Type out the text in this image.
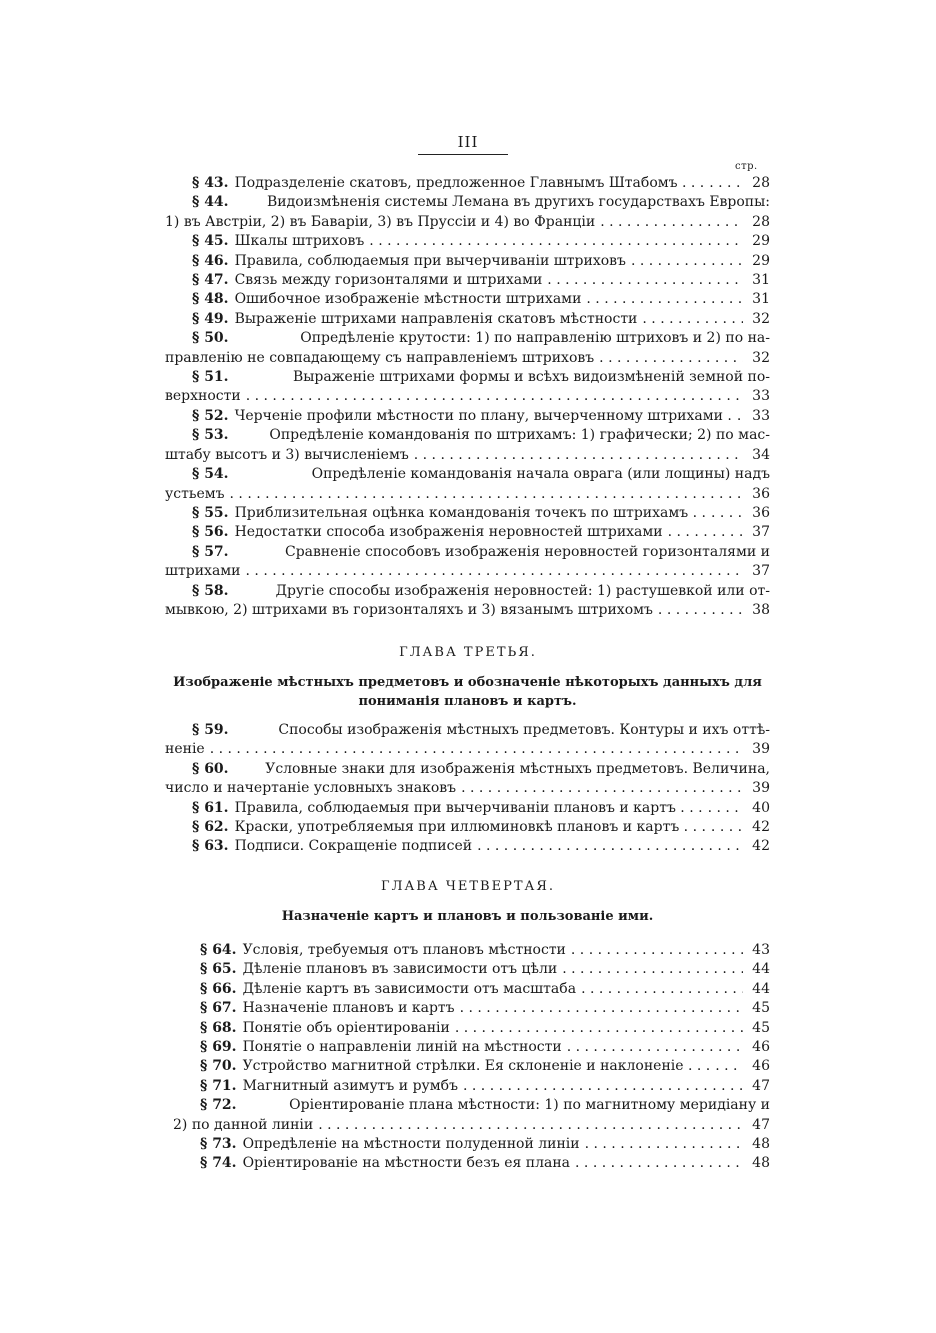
III
стр.
§ 43. Подразделеніе скатовъ, предложенное Главнымъ Штабомъ . . . . . .	28
§ 44.	Видоизмѣненія системы Лемана въ другихъ государствахъ Европы:
1) въ Австріи, 2) въ Баваріи, 3) въ Пруссіи и 4) во Франціи . . .	28
§ 45. Шкалы штриховъ . . .	29
§ 46. Правила, соблюдаемыя при вычерчиваніи штриховъ . . .	29
§ 47. Связь между горизонталями и штрихами . . .	31
§ 48. Ошибочное изображеніе мѣстности штрихами . . .	31
§ 49. Выраженіе штрихами направленія скатовъ мѣстности . . .	32
§ 50.	Опредѣленіе крутости: 1) по направленію штриховъ и 2) по на-
правленію не совпадающему съ направленіемъ штриховъ . . .	32
§ 51.	Выраженіе штрихами формы и всѣхъ видоизмѣненій земной по-
верхности . . .	33
§ 52. Черченіе профили мѣстности по плану, вычерченному штрихами . . . . 33
§ 53.	Опредѣленіе командованія по штрихамъ: 1) графически; 2) по мас-
штабу высотъ и 3) вычисленіемъ . . .	34
§ 54.	Опредѣленіе командованія начала оврага (или лощины) надъ
устьемъ . . .	36
§ 55. Приблизительная оцѣнка командованія точекъ по штрихамъ . . . . .	36
§ 56. Недостатки способа изображенія неровностей штрихами . . .	37
§ 57.	Сравненіе способовъ изображенія неровностей горизонталями и
штрихами . . .	37
§ 58.	Другіе способы изображенія неровностей: 1) растушевкой или от-
мывкою, 2) штрихами въ горизонталяхъ и 3) вязанымъ штрихомъ . . .	38
ГЛАВА ТРЕТЬЯ.
Изображеніе мѣстныхъ предметовъ и обозначеніе нѣкоторыхъ данныхъ для
пониманія плановъ и картъ.
§ 59.	Способы изображенія мѣстныхъ предметовъ. Контуры и ихъ оттѣ-
неніе . . .	39
§ 60.	Условные знаки для изображенія мѣстныхъ предметовъ. Величина,
число и начертаніе условныхъ знаковъ . . .	39
§ 61. Правила, соблюдаемыя при вычерчиваніи плановъ и картъ . . . . . .	40
§ 62. Краски, употребляемыя при иллюминовкѣ плановъ и картъ . . . . . .	42
§ 63. Подписи. Сокращеніе подписей . . .	42
ГЛАВА ЧЕТВЕРТАЯ.
Назначеніе картъ и плановъ и пользованіе ими.
§ 64. Условія, требуемыя отъ плановъ мѣстности . . .	43
§ 65. Дѣленіе плановъ въ зависимости отъ цѣли . . .	44
§ 66. Дѣленіе картъ въ зависимости отъ масштаба . . .	44
§ 67. Назначеніе плановъ и картъ . . .	45
§ 68. Понятіе объ оріентированіи . . .	45
§ 69. Понятіе о направленіи линій на мѣстности . . .	46
§ 70. Устройство магнитной стрѣлки. Ея склоненіе и наклоненіе . . . . . .	46
§ 71. Магнитный азимутъ и румбъ . . .	47
§ 72.	Оріентированіе плана мѣстности: 1) по магнитному меридіану и
2) по данной линіи . . .	47
§ 73. Опредѣленіе на мѣстности полуденной линіи . . .	48
§ 74. Оріентированіе на мѣстности безъ ея плана . . .	48
